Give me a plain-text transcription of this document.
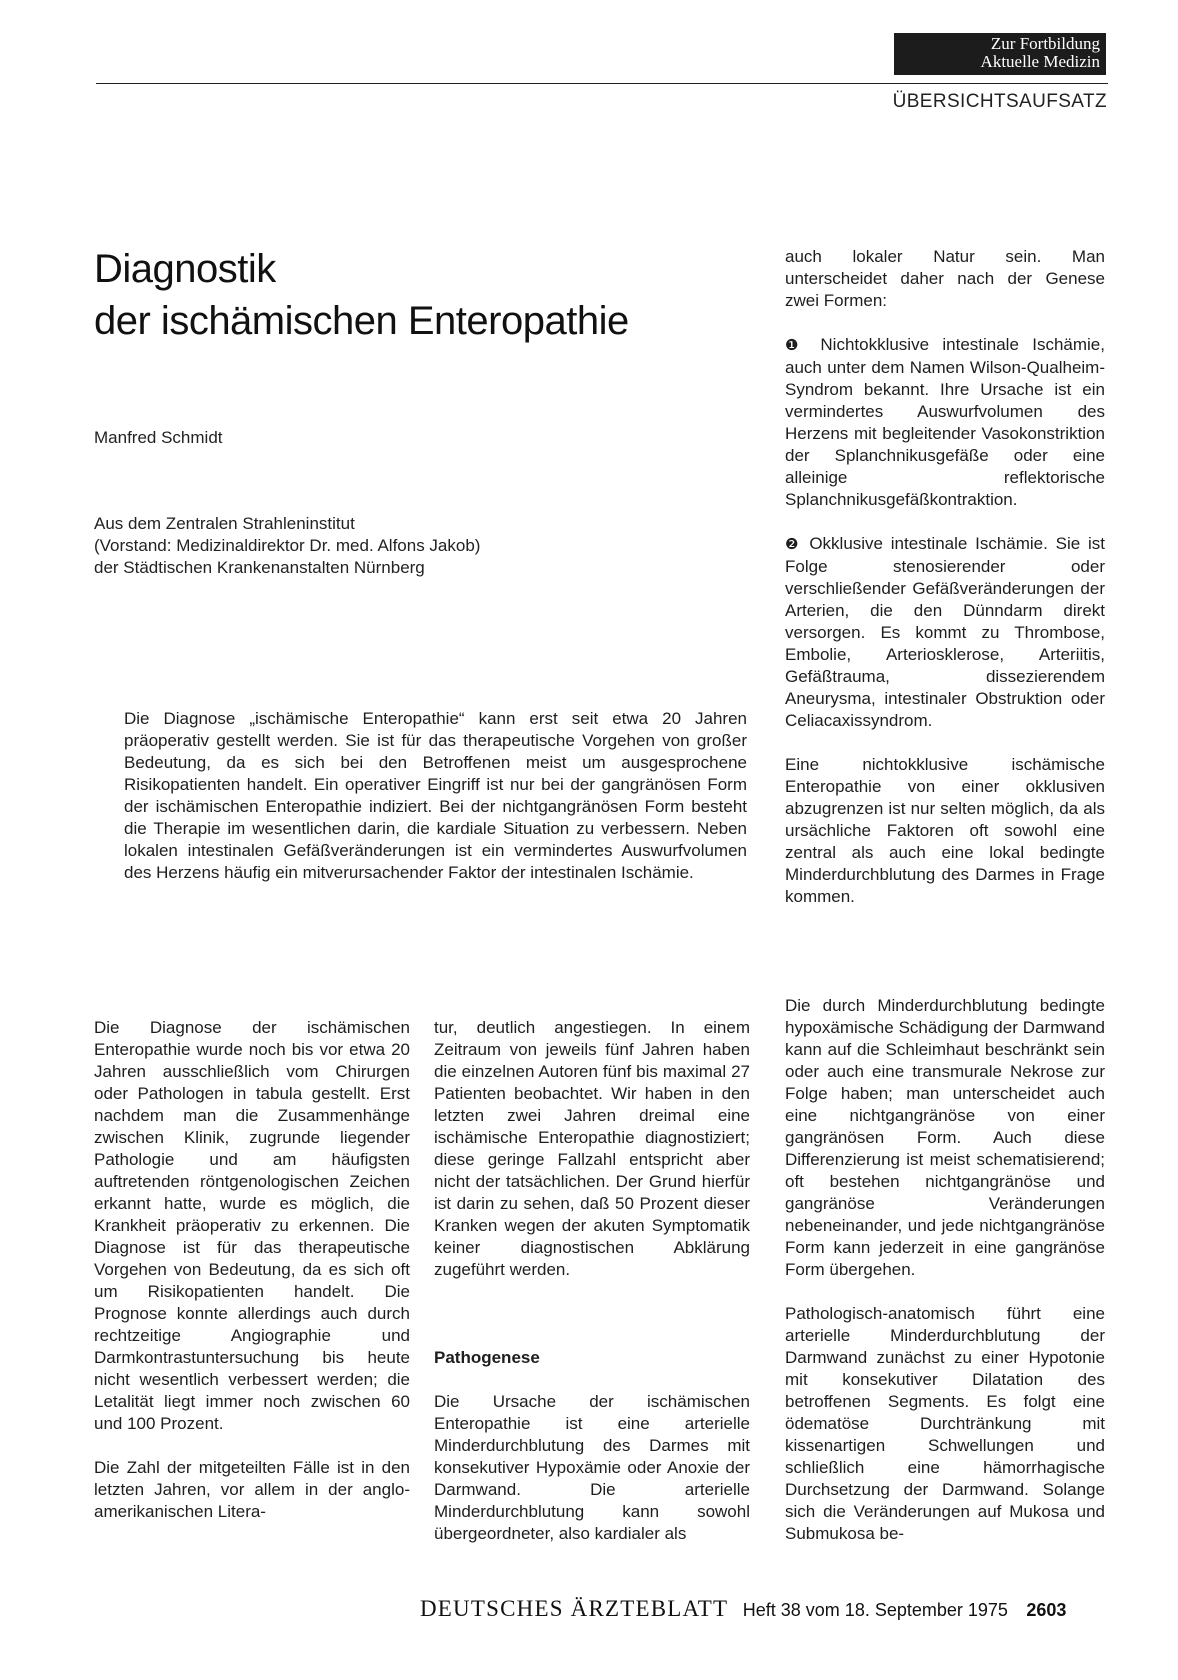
Zur Fortbildung
Aktuelle Medizin
ÜBERSICHTSAUFSATZ
Diagnostik
der ischämischen Enteropathie
Manfred Schmidt
Aus dem Zentralen Strahleninstitut
(Vorstand: Medizinaldirektor Dr. med. Alfons Jakob)
der Städtischen Krankenanstalten Nürnberg

Die Diagnose „ischämische Enteropathie“ kann erst seit etwa 20 Jahren präoperativ gestellt werden. Sie ist für das therapeutische Vorgehen von großer Bedeutung, da es sich bei den Betroffenen meist um ausgesprochene Risikopatienten handelt. Ein operativer Eingriff ist nur bei der gangränösen Form der ischämischen Enteropathie indiziert. Bei der nichtgangränösen Form besteht die Therapie im wesentlichen darin, die kardiale Situation zu verbessern. Neben lokalen intestinalen Gefäßveränderungen ist ein vermindertes Auswurfvolumen des Herzens häufig ein mitverursachender Faktor der intestinalen Ischämie.

auch lokaler Natur sein. Man unterscheidet daher nach der Genese zwei Formen:

❶ Nichtokklusive intestinale Ischämie, auch unter dem Namen Wilson-Qualheim-Syndrom bekannt. Ihre Ursache ist ein vermindertes Auswurfvolumen des Herzens mit begleitender Vasokonstriktion der Splanchnikusgefäße oder eine alleinige reflektorische Splanchnikusgefäßkontraktion.

❷ Okklusive intestinale Ischämie. Sie ist Folge stenosierender oder verschließender Gefäßveränderungen der Arterien, die den Dünndarm direkt versorgen. Es kommt zu Thrombose, Embolie, Arteriosklerose, Arteriitis, Gefäßtrauma, dissezierendem Aneurysma, intestinaler Obstruktion oder Celiacaxissyndrom.

Eine nichtokklusive ischämische Enteropathie von einer okklusiven abzugrenzen ist nur selten möglich, da als ursächliche Faktoren oft sowohl eine zentral als auch eine lokal bedingte Minderdurchblutung des Darmes in Frage kommen.

Die Diagnose der ischämischen Enteropathie wurde noch bis vor etwa 20 Jahren ausschließlich vom Chirurgen oder Pathologen in tabula gestellt. Erst nachdem man die Zusammenhänge zwischen Klinik, zugrunde liegender Pathologie und am häufigsten auftretenden röntgenologischen Zeichen erkannt hatte, wurde es möglich, die Krankheit präoperativ zu erkennen. Die Diagnose ist für das therapeutische Vorgehen von Bedeutung, da es sich oft um Risikopatienten handelt. Die Prognose konnte allerdings auch durch rechtzeitige Angiographie und Darmkontrastuntersuchung bis heute nicht wesentlich verbessert werden; die Letalität liegt immer noch zwischen 60 und 100 Prozent.

Die Zahl der mitgeteilten Fälle ist in den letzten Jahren, vor allem in der anglo-amerikanischen Litera-

tur, deutlich angestiegen. In einem Zeitraum von jeweils fünf Jahren haben die einzelnen Autoren fünf bis maximal 27 Patienten beobachtet. Wir haben in den letzten zwei Jahren dreimal eine ischämische Enteropathie diagnostiziert; diese geringe Fallzahl entspricht aber nicht der tatsächlichen. Der Grund hierfür ist darin zu sehen, daß 50 Prozent dieser Kranken wegen der akuten Symptomatik keiner diagnostischen Abklärung zugeführt werden.

Pathogenese

Die Ursache der ischämischen Enteropathie ist eine arterielle Minderdurchblutung des Darmes mit konsekutiver Hypoxämie oder Anoxie der Darmwand. Die arterielle Minderdurchblutung kann sowohl übergeordneter, also kardialer als

Die durch Minderdurchblutung bedingte hypoxämische Schädigung der Darmwand kann auf die Schleimhaut beschränkt sein oder auch eine transmurale Nekrose zur Folge haben; man unterscheidet auch eine nichtgangränöse von einer gangränösen Form. Auch diese Differenzierung ist meist schematisierend; oft bestehen nichtgangränöse und gangränöse Veränderungen nebeneinander, und jede nichtgangränöse Form kann jederzeit in eine gangränöse Form übergehen.

Pathologisch-anatomisch führt eine arterielle Minderdurchblutung der Darmwand zunächst zu einer Hypotonie mit konsekutiver Dilatation des betroffenen Segments. Es folgt eine ödematöse Durchtränkung mit kissenartigen Schwellungen und schließlich eine hämorrhagische Durchsetzung der Darmwand. Solange sich die Veränderungen auf Mukosa und Submukosa be-

DEUTSCHES ÄRZTEBLATT Heft 38 vom 18. September 1975 2603
